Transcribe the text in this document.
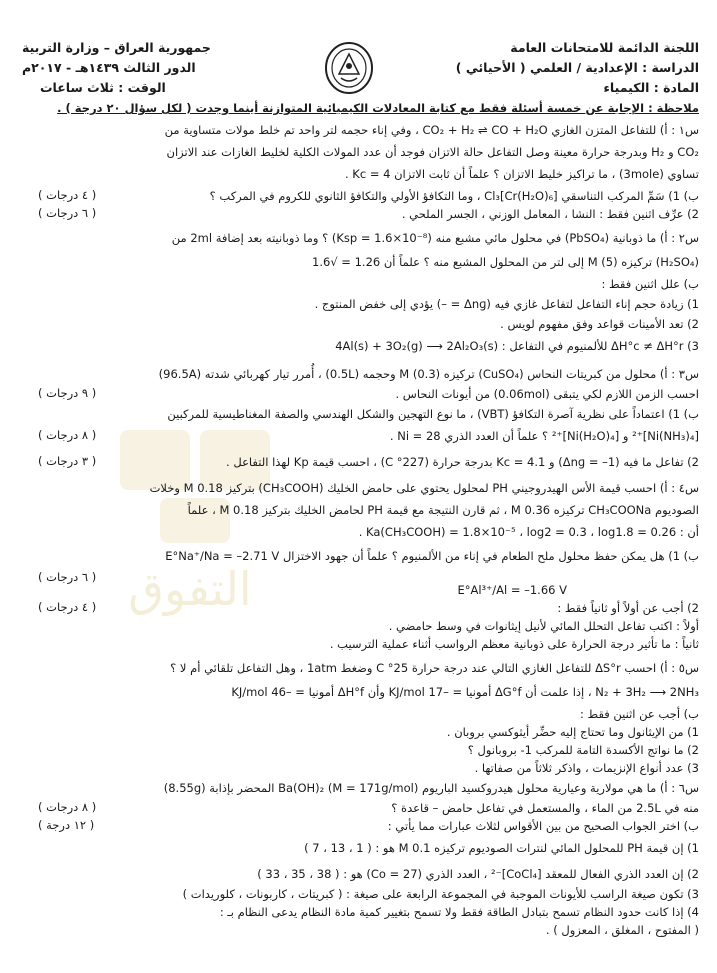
التفوق
اللجنة الدائمة للامتحانات العامة
الدراسة : الإعدادية / العلمي ( الأحيائي )
المادة : الكيمياء
جمهورية العراق – وزارة التربية
الدور الثالث ١٤٣٩هـ - ٢٠١٧م
الوقت : ثلاث ساعات
ملاحظة : الإجابة عن خمسة أسئلة فقط مع كتابة المعادلات الكيميائية المتوازنة أينما وجدت ( لكل سؤال ٢٠ درجة ) .
س١ : أ) للتفاعل المتزن الغازي CO₂ + H₂ ⇌ CO + H₂O ، وفي إناء حجمه لتر واحد تم خلط مولات متساوية من
CO₂ و H₂ وبدرجة حرارة معينة وصل التفاعل حالة الاتزان فوجد أن عدد المولات الكلية لخليط الغازات عند الاتزان
تساوي (3mole) ، ما تراكيز خليط الاتزان ؟ علماً أن ثابت الاتزان Kc = 4 .
ب) 1) سَمِّ المركب التناسقي [Cr(H₂O)₆]Cl₃ ، وما التكافؤ الأولي والتكافؤ الثانوي للكروم في المركب ؟
( ٤ درجات )
2) عرِّف اثنين فقط : النشا ، المعامل الوزني ، الجسر الملحي .
( ٦ درجات )
س٢ : أ) ما ذوبانية (PbSO₄) في محلول مائي مشبع منه (Ksp = 1.6×10⁻⁸) ؟ وما ذوبانيته بعد إضافة 2ml من
(H₂SO₄) تركيزه M (5) إلى لتر من المحلول المشبع منه ؟ علماً أن 1.26 = √1.6
ب) علل اثنين فقط :
1) زيادة حجم إناء التفاعل لتفاعل غازي فيه (Δnɡ = –) يؤدي إلى خفض المنتوج .
2) تعد الأمينات قواعد وفق مفهوم لويس .
3) ΔH°c ≠ ΔH°r للألمنيوم في التفاعل : 4Al(s) + 3O₂(g) ⟶ 2Al₂O₃(s)
س٣ : أ) محلول من كبريتات النحاس (CuSO₄) تركيزه M (0.3) وحجمه (0.5L) ، أُمرر تيار كهربائي شدته (96.5A)
احسب الزمن اللازم لكي يتبقى (0.06mol) من أيونات النحاس .
( ٩ درجات )
ب) 1) اعتماداً على نظرية آصرة التكافؤ (VBT) ، ما نوع التهجين والشكل الهندسي والصفة المغناطيسية للمركبين
[Ni(NH₃)₄]⁺² و [Ni(H₂O)₄]⁺² ؟ علماً أن العدد الذري Ni = 28 .
( ٨ درجات )
2) تفاعل ما فيه (Δnɡ = –1) و Kc = 4.1 بدرجة حرارة (227° C) ، احسب قيمة Kp لهذا التفاعل .
( ٣ درجات )
س٤ : أ) احسب قيمة الأس الهيدروجيني PH لمحلول يحتوي على حامض الخليك (CH₃COOH) بتركيز M 0.18 وخلات
الصوديوم CH₃COONa تركيزه M 0.36 ، ثم قارن النتيجة مع قيمة PH لحامض الخليك بتركيز M 0.18 ، علماً
أن : Ka(CH₃COOH) = 1.8×10⁻⁵ ، log2 = 0.3 ، log1.8 = 0.26 .
ب) 1) هل يمكن حفظ محلول ملح الطعام في إناء من الألمنيوم ؟ علماً أن جهود الاختزال E°Na⁺/Na = –2.71 V
( ٦ درجات )
E°Al³⁺/Al = –1.66 V
2) أجب عن أولاً أو ثانياً فقط :
( ٤ درجات )
أولاً : اكتب تفاعل التحلل المائي لأنيل إيثانوات في وسط حامضي .
ثانياً : ما تأثير درجة الحرارة على ذوبانية معظم الرواسب أثناء عملية الترسيب .
س٥ : أ) احسب ΔS°r للتفاعل الغازي التالي عند درجة حرارة 25° C وضغط 1atm ، وهل التفاعل تلقائي أم لا ؟
N₂ + 3H₂ ⟶ 2NH₃ ، إذا علمت أن ΔG°f أمونيا = –17 KJ/mol وأن ΔH°f أمونيا = –46 KJ/mol
ب) أجب عن اثنين فقط :
1) من الإيثانول وما تحتاج إليه حضِّر أيثوكسي بروبان .
2) ما نواتج الأكسدة التامة للمركب 1- بروبانول ؟
3) عدد أنواع الإنزيمات ، واذكر ثلاثاً من صفاتها .
س٦ : أ) ما هي مولارية وعيارية محلول هيدروكسيد الباريوم Ba(OH)₂ (M = 171g/mol) المحضر بإذابة (8.55g)
منه في 2.5L من الماء ، والمستعمل في تفاعل حامض – قاعدة ؟
( ٨ درجات )
ب) اختر الجواب الصحيح من بين الأقواس لثلاث عبارات مما يأتي :
( ١٢ درجة )
1) إن قيمة PH للمحلول المائي لنترات الصوديوم تركيزه M 0.1 هو : ( 1 ، 13 ، 7 )
2) إن العدد الذري الفعال للمعقد [CoCl₄]⁻² ، العدد الذري (Co = 27) هو : ( 38 ، 35 ، 33 )
3) تكون صيغة الراسب للأيونات الموجبة في المجموعة الرابعة على صيغة : ( كبريتات ، كاربونات ، كلوريدات )
4) إذا كانت حدود النظام تسمح بتبادل الطاقة فقط ولا تسمح بتغيير كمية مادة النظام يدعى النظام بـ :
( المفتوح ، المغلق ، المعزول ) .
